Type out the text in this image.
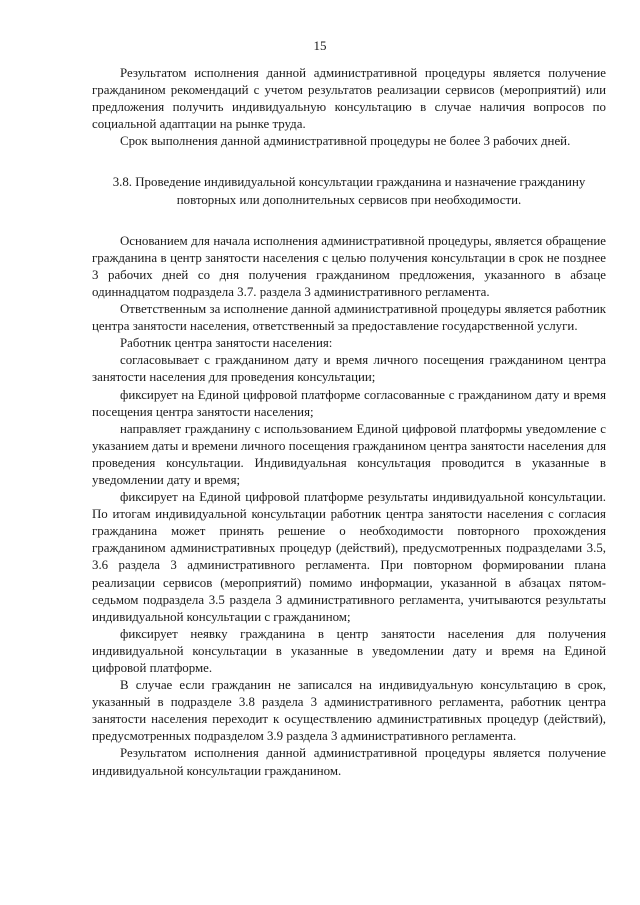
15

Результатом исполнения данной административной процедуры является получение гражданином рекомендаций с учетом результатов реализации сервисов (мероприятий) или предложения получить индивидуальную консультацию в случае наличия вопросов по социальной адаптации на рынке труда.

Срок выполнения данной административной процедуры не более 3 рабочих дней.

3.8. Проведение индивидуальной консультации гражданина и назначение гражданину повторных или дополнительных сервисов при необходимости.

Основанием для начала исполнения административной процедуры, является обращение гражданина в центр занятости населения с целью получения консультации в срок не позднее 3 рабочих дней со дня получения гражданином предложения, указанного в абзаце одиннадцатом подраздела 3.7. раздела 3 административного регламента.

Ответственным за исполнение данной административной процедуры является работник центра занятости населения, ответственный за предоставление государственной услуги.

Работник центра занятости населения:

согласовывает с гражданином дату и время личного посещения гражданином центра занятости населения для проведения консультации;

фиксирует на Единой цифровой платформе согласованные с гражданином дату и время посещения центра занятости населения;

направляет гражданину с использованием Единой цифровой платформы уведомление с указанием даты и времени личного посещения гражданином центра занятости населения для проведения консультации. Индивидуальная консультация проводится в указанные в уведомлении дату и время;

фиксирует на Единой цифровой платформе результаты индивидуальной консультации. По итогам индивидуальной консультации работник центра занятости населения с согласия гражданина может принять решение о необходимости повторного прохождения гражданином административных процедур (действий), предусмотренных подразделами 3.5, 3.6 раздела 3 административного регламента. При повторном формировании плана реализации сервисов (мероприятий) помимо информации, указанной в абзацах пятом-седьмом подраздела 3.5 раздела 3 административного регламента, учитываются результаты индивидуальной консультации с гражданином;

фиксирует неявку гражданина в центр занятости населения для получения индивидуальной консультации в указанные в уведомлении дату и время на Единой цифровой платформе.

В случае если гражданин не записался на индивидуальную консультацию в срок, указанный в подразделе 3.8 раздела 3 административного регламента, работник центра занятости населения переходит к осуществлению административных процедур (действий), предусмотренных подразделом 3.9 раздела 3 административного регламента.

Результатом исполнения данной административной процедуры является получение индивидуальной консультации гражданином.
